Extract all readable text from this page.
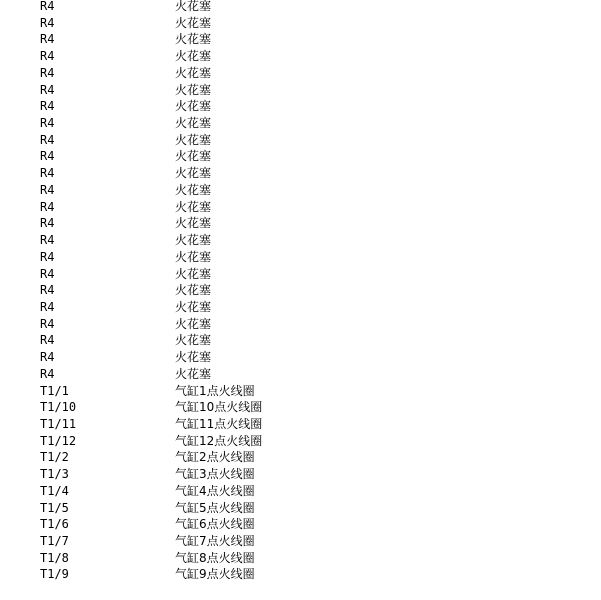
R4	火花塞
R4	火花塞
R4	火花塞
R4	火花塞
R4	火花塞
R4	火花塞
R4	火花塞
R4	火花塞
R4	火花塞
R4	火花塞
R4	火花塞
R4	火花塞
R4	火花塞
R4	火花塞
R4	火花塞
R4	火花塞
R4	火花塞
R4	火花塞
R4	火花塞
R4	火花塞
R4	火花塞
R4	火花塞
R4	火花塞
T1/1	气缸1点火线圈
T1/10	气缸10点火线圈
T1/11	气缸11点火线圈
T1/12	气缸12点火线圈
T1/2	气缸2点火线圈
T1/3	气缸3点火线圈
T1/4	气缸4点火线圈
T1/5	气缸5点火线圈
T1/6	气缸6点火线圈
T1/7	气缸7点火线圈
T1/8	气缸8点火线圈
T1/9	气缸9点火线圈
